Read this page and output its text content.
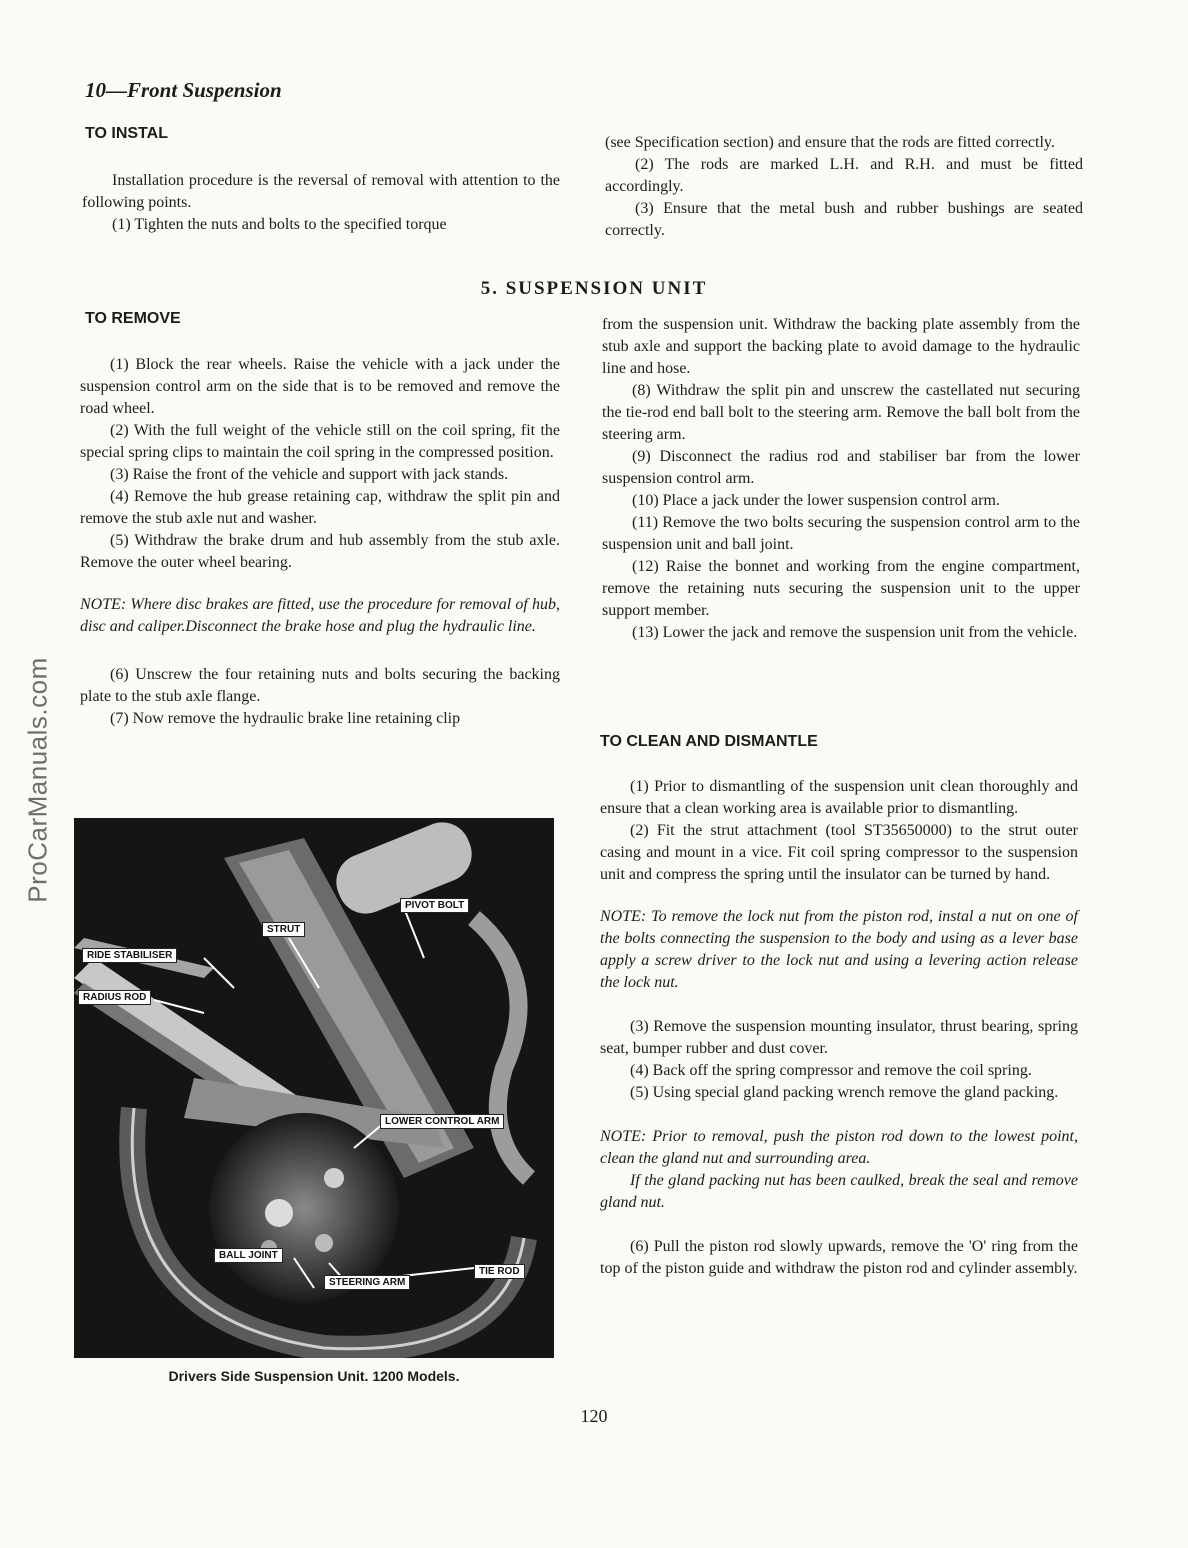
ProCarManuals.com
10—Front Suspension
TO INSTAL

Installation procedure is the reversal of removal with attention to the following points.

(1) Tighten the nuts and bolts to the specified torque

(see Specification section) and ensure that the rods are fitted correctly.

(2) The rods are marked L.H. and R.H. and must be fitted accordingly.

(3) Ensure that the metal bush and rubber bushings are seated correctly.

5. SUSPENSION UNIT
TO REMOVE

(1) Block the rear wheels. Raise the vehicle with a jack under the suspension control arm on the side that is to be removed and remove the road wheel.

(2) With the full weight of the vehicle still on the coil spring, fit the special spring clips to maintain the coil spring in the compressed position.

(3) Raise the front of the vehicle and support with jack stands.

(4) Remove the hub grease retaining cap, withdraw the split pin and remove the stub axle nut and washer.

(5) Withdraw the brake drum and hub assembly from the stub axle. Remove the outer wheel bearing.

NOTE: Where disc brakes are fitted, use the procedure for removal of hub, disc and caliper.Disconnect the brake hose and plug the hydraulic line.

(6) Unscrew the four retaining nuts and bolts securing the backing plate to the stub axle flange.

(7) Now remove the hydraulic brake line retaining clip

PIVOT BOLT
STRUT
RIDE STABILISER
RADIUS ROD
LOWER CONTROL ARM
BALL JOINT
TIE ROD
STEERING ARM
Drivers Side Suspension Unit. 1200 Models.

from the suspension unit. Withdraw the backing plate assembly from the stub axle and support the backing plate to avoid damage to the hydraulic line and hose.

(8) Withdraw the split pin and unscrew the castellated nut securing the tie-rod end ball bolt to the steering arm. Remove the ball bolt from the steering arm.

(9) Disconnect the radius rod and stabiliser bar from the lower suspension control arm.

(10) Place a jack under the lower suspension control arm.

(11) Remove the two bolts securing the suspension control arm to the suspension unit and ball joint.

(12) Raise the bonnet and working from the engine compartment, remove the retaining nuts securing the suspension unit to the upper support member.

(13) Lower the jack and remove the suspension unit from the vehicle.

TO CLEAN AND DISMANTLE

(1) Prior to dismantling of the suspension unit clean thoroughly and ensure that a clean working area is available prior to dismantling.

(2) Fit the strut attachment (tool ST35650000) to the strut outer casing and mount in a vice. Fit coil spring compressor to the suspension unit and compress the spring until the insulator can be turned by hand.

NOTE: To remove the lock nut from the piston rod, instal a nut on one of the bolts connecting the suspension to the body and using as a lever base apply a screw driver to the lock nut and using a levering action release the lock nut.

(3) Remove the suspension mounting insulator, thrust bearing, spring seat, bumper rubber and dust cover.

(4) Back off the spring compressor and remove the coil spring.

(5) Using special gland packing wrench remove the gland packing.

NOTE: Prior to removal, push the piston rod down to the lowest point, clean the gland nut and surrounding area.

If the gland packing nut has been caulked, break the seal and remove gland nut.

(6) Pull the piston rod slowly upwards, remove the 'O' ring from the top of the piston guide and withdraw the piston rod and cylinder assembly.

120
